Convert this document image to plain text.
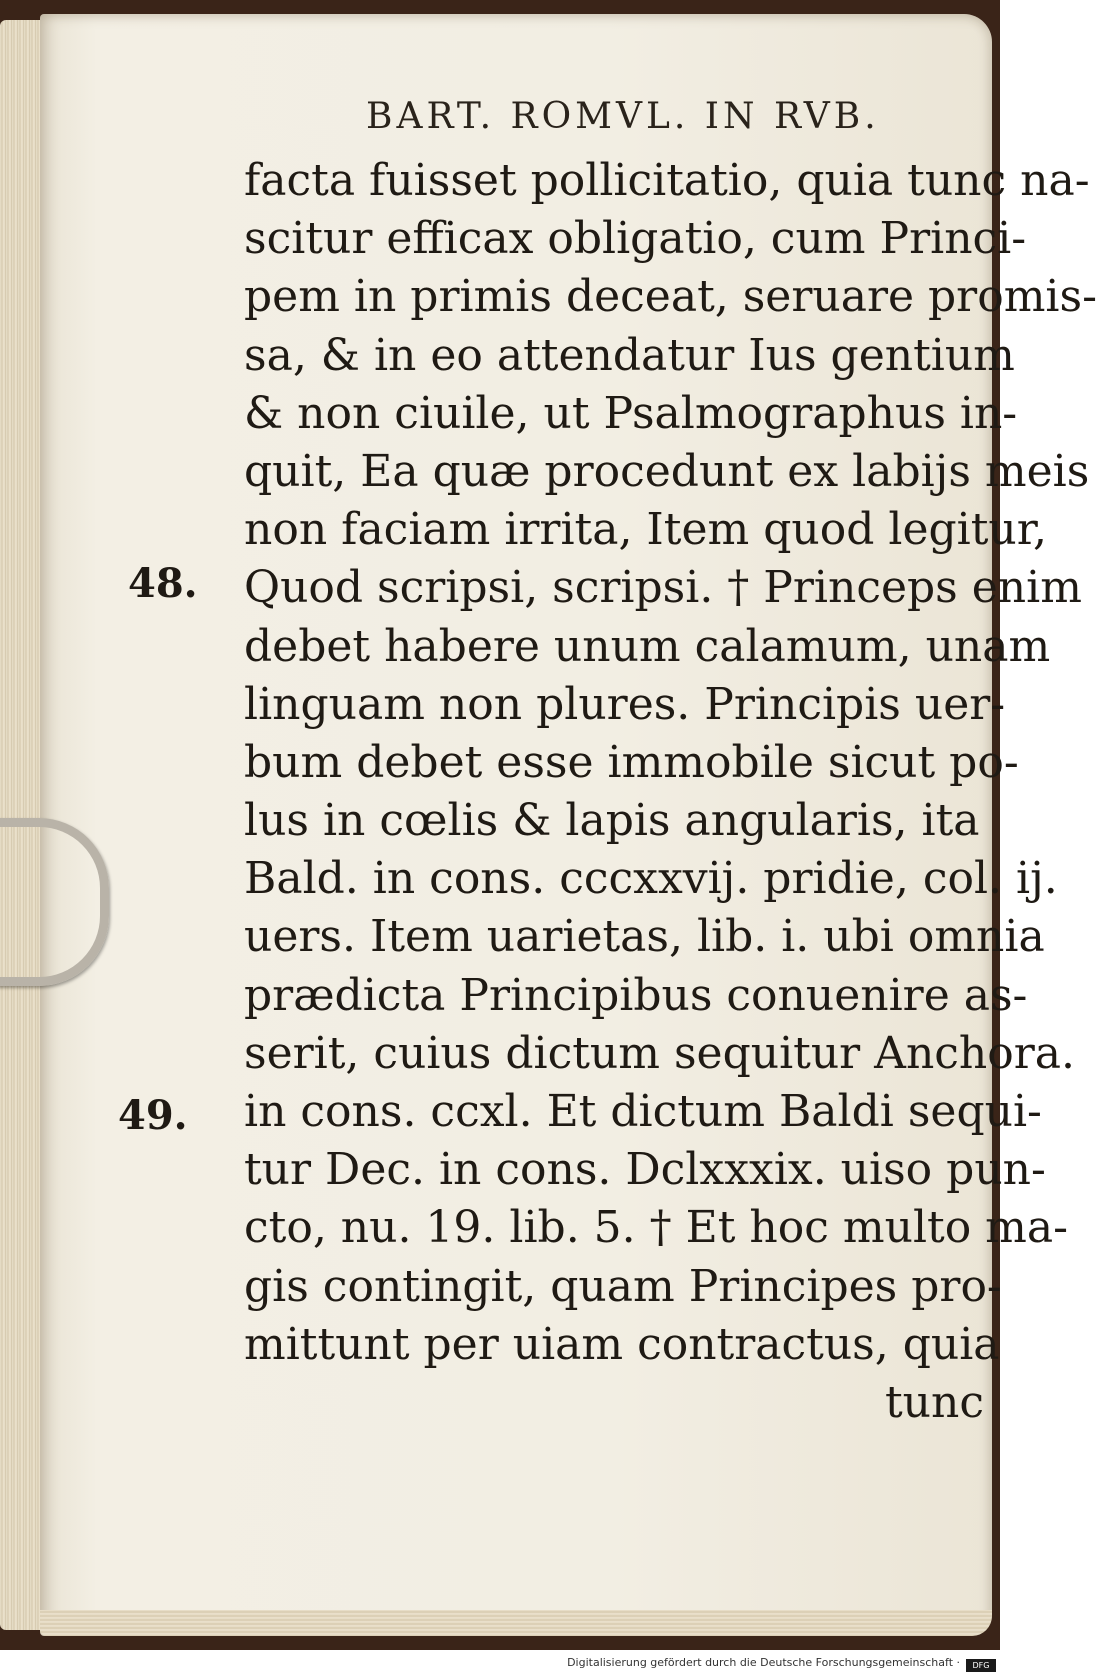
BART. ROMVL. IN RVB.
48.
49.
facta fuisset pollicitatio, quia tunc na-
scitur efficax obligatio, cum Princi-
pem in primis deceat, seruare promis-
sa, & in eo attendatur Ius gentium
& non ciuile, ut Psalmographus in-
quit, Ea quæ procedunt ex labijs meis
non faciam irrita, Item quod legitur,
Quod scripsi, scripsi. † Princeps enim
debet habere unum calamum, unam
linguam non plures. Principis uer-
bum debet esse immobile sicut po-
lus in cœlis & lapis angularis, ita
Bald. in cons. cccxxvij. pridie, col. ij.
uers. Item uarietas, lib. i. ubi omnia
prædicta Principibus conuenire as-
serit, cuius dictum sequitur Anchora.
in cons. ccxl. Et dictum Baldi sequi-
tur Dec. in cons. Dclxxxix. uiso pun-
cto, nu. 19. lib. 5. † Et hoc multo ma-
gis contingit, quam Principes pro-
mittunt per uiam contractus, quia
tunc
Digitalisierung gefördert durch die Deutsche Forschungsgemeinschaft ·	DFG
